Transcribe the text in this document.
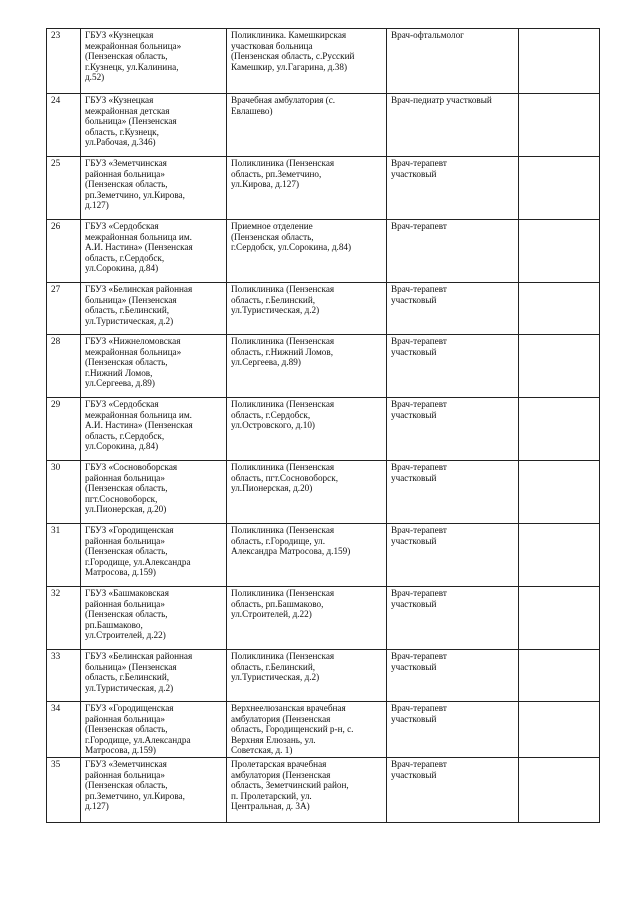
23	ГБУЗ «Кузнецкая
межрайонная больница»
(Пензенская область,
г.Кузнецк, ул.Калинина,
д.52)	Поликлиника. Камешкирская
участковая больница
(Пензенская область, с.Русский
Камешкир, ул.Гагарина, д.38)	Врач-офтальмолог	

24	ГБУЗ «Кузнецкая
межрайонная детская
больница» (Пензенская
область, г.Кузнецк,
ул.Рабочая, д.346)	Врачебная амбулатория (с.
Евлашево)	Врач-педиатр участковый	

25	ГБУЗ «Земетчинская
районная больница»
(Пензенская область,
рп.Земетчино, ул.Кирова,
д.127)	Поликлиника (Пензенская
область, рп.Земетчино,
ул.Кирова, д.127)	Врач-терапевт
участковый	

26	ГБУЗ «Сердобская
межрайонная больница им.
А.И. Настина» (Пензенская
область, г.Сердобск,
ул.Сорокина, д.84)	Приемное отделение
(Пензенская область,
г.Сердобск, ул.Сорокина, д.84)	Врач-терапевт	

27	ГБУЗ «Белинская районная
больница» (Пензенская
область, г.Белинский,
ул.Туристическая, д.2)	Поликлиника (Пензенская
область, г.Белинский,
ул.Туристическая, д.2)	Врач-терапевт
участковый	

28	ГБУЗ «Нижнеломовская
межрайонная больница»
(Пензенская область,
г.Нижний Ломов,
ул.Сергеева, д.89)	Поликлиника (Пензенская
область, г.Нижний Ломов,
ул.Сергеева, д.89)	Врач-терапевт
участковый	

29	ГБУЗ «Сердобская
межрайонная больница им.
А.И. Настина» (Пензенская
область, г.Сердобск,
ул.Сорокина, д.84)	Поликлиника (Пензенская
область, г.Сердобск,
ул.Островского, д.10)	Врач-терапевт
участковый	

30	ГБУЗ «Сосновоборская
районная больница»
(Пензенская область,
пгт.Сосновоборск,
ул.Пионерская, д.20)	Поликлиника (Пензенская
область, пгт.Сосновоборск,
ул.Пионерская, д.20)	Врач-терапевт
участковый	

31	ГБУЗ «Городищенская
районная больница»
(Пензенская область,
г.Городище, ул.Александра
Матросова, д.159)	Поликлиника (Пензенская
область, г.Городище, ул.
Александра Матросова, д.159)	Врач-терапевт
участковый	

32	ГБУЗ «Башмаковская
районная больница»
(Пензенская область,
рп.Башмаково,
ул.Строителей, д.22)	Поликлиника (Пензенская
область, рп.Башмаково,
ул.Строителей, д.22)	Врач-терапевт
участковый	

33	ГБУЗ «Белинская районная
больница» (Пензенская
область, г.Белинский,
ул.Туристическая, д.2)	Поликлиника (Пензенская
область, г.Белинский,
ул.Туристическая, д.2)	Врач-терапевт
участковый	

34	ГБУЗ «Городищенская
районная больница»
(Пензенская область,
г.Городище, ул.Александра
Матросова, д.159)	Верхнеелюзанская врачебная
амбулатория (Пензенская
область, Городищенский р-н, с.
Верхняя Елюзань, ул.
Советская, д. 1)	Врач-терапевт
участковый	

35	ГБУЗ «Земетчинская
районная больница»
(Пензенская область,
рп.Земетчино, ул.Кирова,
д.127)	Пролетарская врачебная
амбулатория (Пензенская
область, Земетчинский район,
п. Пролетарский, ул.
Центральная, д. 3А)	Врач-терапевт
участковый	
